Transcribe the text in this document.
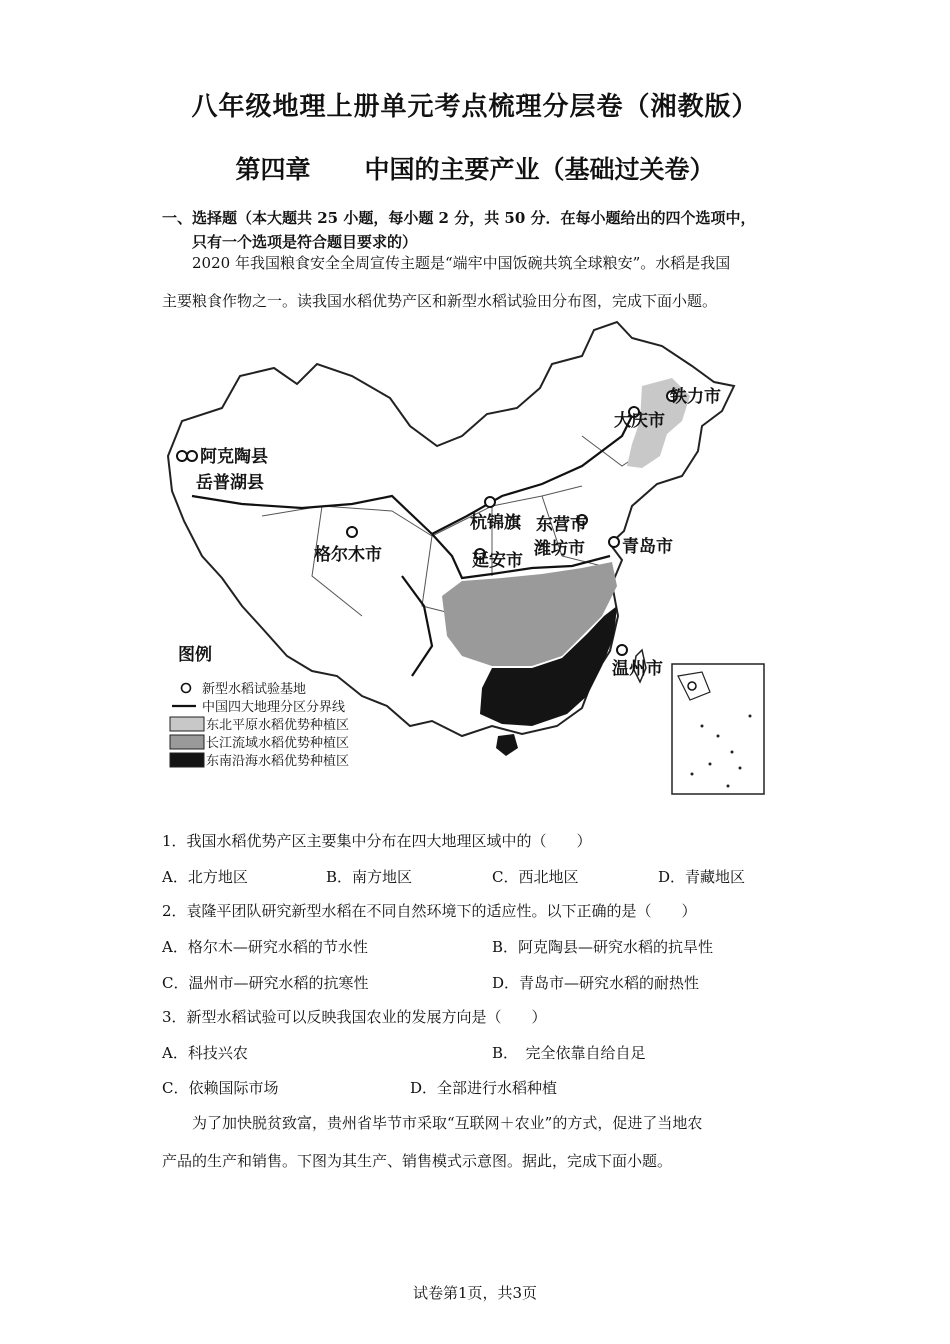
八年级地理上册单元考点梳理分层卷（湘教版）
第四章 中国的主要产业（基础过关卷）
一、选择题（本大题共 25 小题，每小题 2 分，共 50 分．在每小题给出的四个选项中，
只有一个选项是符合题目要求的）
2020 年我国粮食安全全周宣传主题是“端牢中国饭碗共筑全球粮安”。水稻是我国
主要粮食作物之一。读我国水稻优势产区和新型水稻试验田分布图，完成下面小题。
铁力市
大庆市
阿克陶县
岳普湖县
格尔木市
杭锦旗 东营市
潍坊市 青岛市
延安市
温州市
图例
新型水稻试验基地
中国四大地理分区分界线
东北平原水稻优势种植区
长江流域水稻优势种植区
东南沿海水稻优势种植区
1．我国水稻优势产区主要集中分布在四大地理区域中的（　　）
A．北方地区	B．南方地区	C．西北地区	D．青藏地区
2．袁隆平团队研究新型水稻在不同自然环境下的适应性。以下正确的是（　　）
A．格尔木—研究水稻的节水性	B．阿克陶县—研究水稻的抗旱性
C．温州市—研究水稻的抗寒性	D．青岛市—研究水稻的耐热性
3．新型水稻试验可以反映我国农业的发展方向是（　　）
A．科技兴农	B．　完全依靠自给自足
C．依赖国际市场	D．全部进行水稻种植
为了加快脱贫致富，贵州省毕节市采取“互联网＋农业”的方式，促进了当地农
产品的生产和销售。下图为其生产、销售模式示意图。据此，完成下面小题。
试卷第1页，共3页
